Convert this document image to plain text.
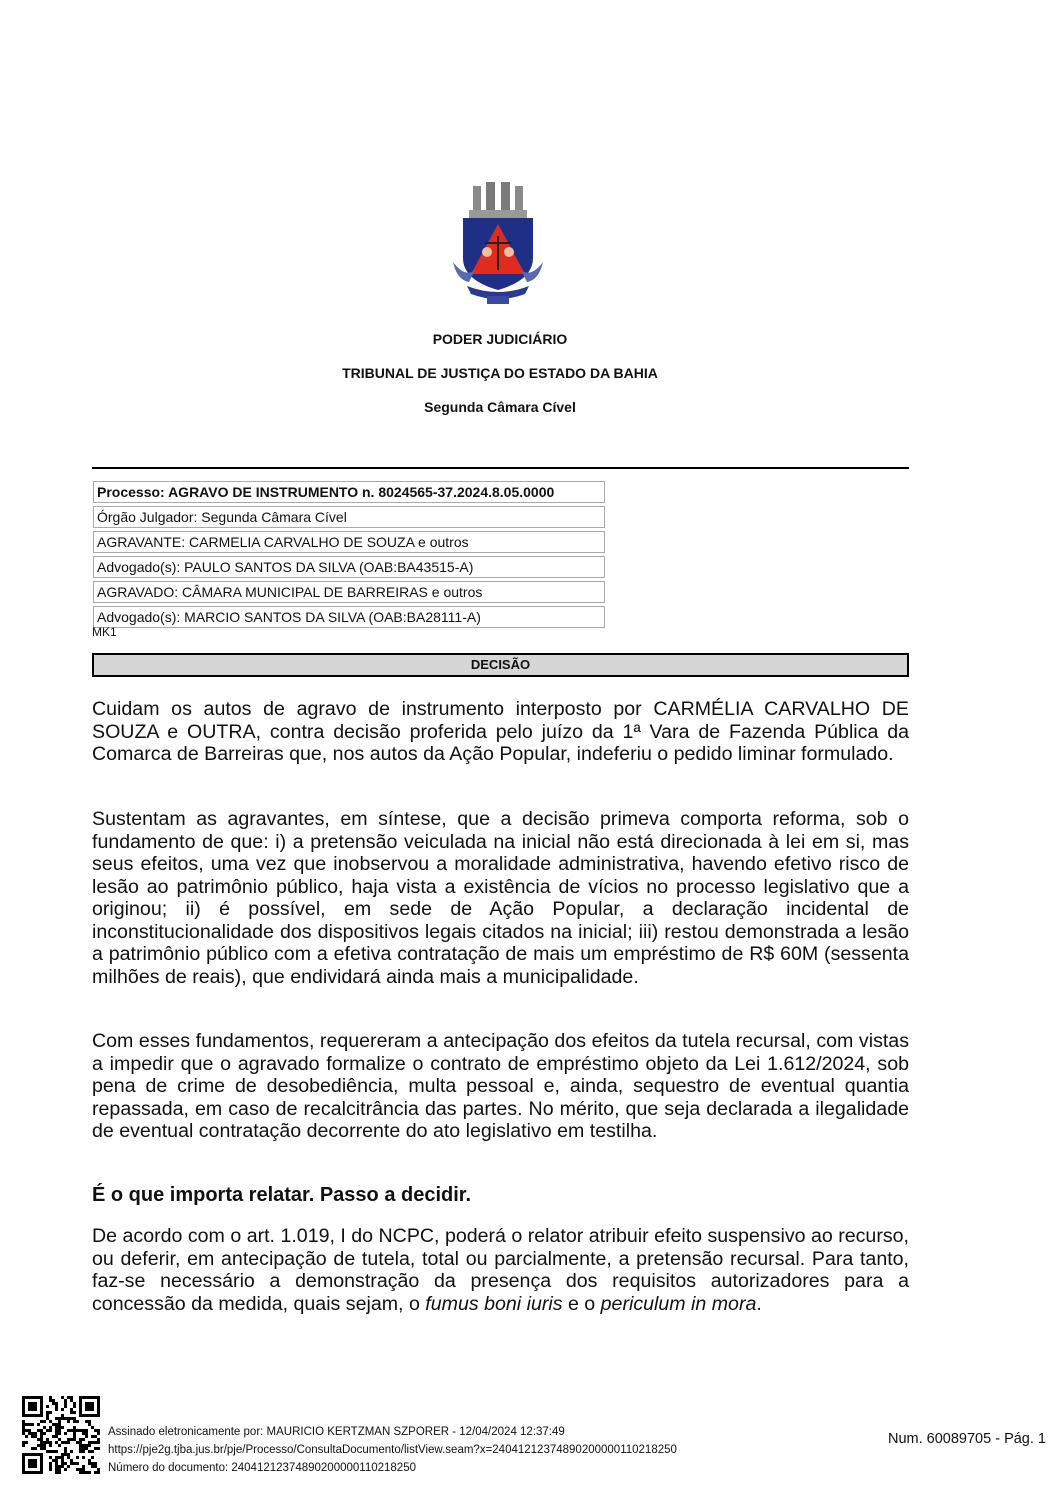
PODER JUDICIÁRIO
TRIBUNAL DE JUSTIÇA DO ESTADO DA BAHIA
Segunda Câmara Cível
Processo: AGRAVO DE INSTRUMENTO n. 8024565-37.2024.8.05.0000
Órgão Julgador: Segunda Câmara Cível
AGRAVANTE: CARMELIA CARVALHO DE SOUZA e outros
Advogado(s): PAULO SANTOS DA SILVA (OAB:BA43515-A)
AGRAVADO: CÂMARA MUNICIPAL DE BARREIRAS e outros
Advogado(s): MARCIO SANTOS DA SILVA (OAB:BA28111-A)
MK1
DECISÃO
Cuidam os autos de agravo de instrumento interposto por CARMÉLIA CARVALHO DE SOUZA e OUTRA, contra decisão proferida pelo juízo da 1ª Vara de Fazenda Pública da Comarca de Barreiras que, nos autos da Ação Popular, indeferiu o pedido liminar formulado.
Sustentam as agravantes, em síntese, que a decisão primeva comporta reforma, sob o fundamento de que: i) a pretensão veiculada na inicial não está direcionada à lei em si, mas seus efeitos, uma vez que inobservou a moralidade administrativa, havendo efetivo risco de lesão ao patrimônio público, haja vista a existência de vícios no processo legislativo que a originou; ii) é possível, em sede de Ação Popular, a declaração incidental de inconstitucionalidade dos dispositivos legais citados na inicial; iii) restou demonstrada a lesão a patrimônio público com a efetiva contratação de mais um empréstimo de R$ 60M (sessenta milhões de reais), que endividará ainda mais a municipalidade.
Com esses fundamentos, requereram a antecipação dos efeitos da tutela recursal, com vistas a impedir que o agravado formalize o contrato de empréstimo objeto da Lei 1.612/2024, sob pena de crime de desobediência, multa pessoal e, ainda, sequestro de eventual quantia repassada, em caso de recalcitrância das partes. No mérito, que seja declarada a ilegalidade de eventual contratação decorrente do ato legislativo em testilha.
É o que importa relatar. Passo a decidir.
De acordo com o art. 1.019, I do NCPC, poderá o relator atribuir efeito suspensivo ao recurso, ou deferir, em antecipação de tutela, total ou parcialmente, a pretensão recursal. Para tanto, faz-se necessário a demonstração da presença dos requisitos autorizadores para a concessão da medida, quais sejam, o fumus boni iuris e o periculum in mora.
Assinado eletronicamente por: MAURICIO KERTZMAN SZPORER - 12/04/2024 12:37:49
https://pje2g.tjba.jus.br/pje/Processo/ConsultaDocumento/listView.seam?x=24041212374890200000110218250
Número do documento: 24041212374890200000110218250
Num. 60089705 - Pág. 1
